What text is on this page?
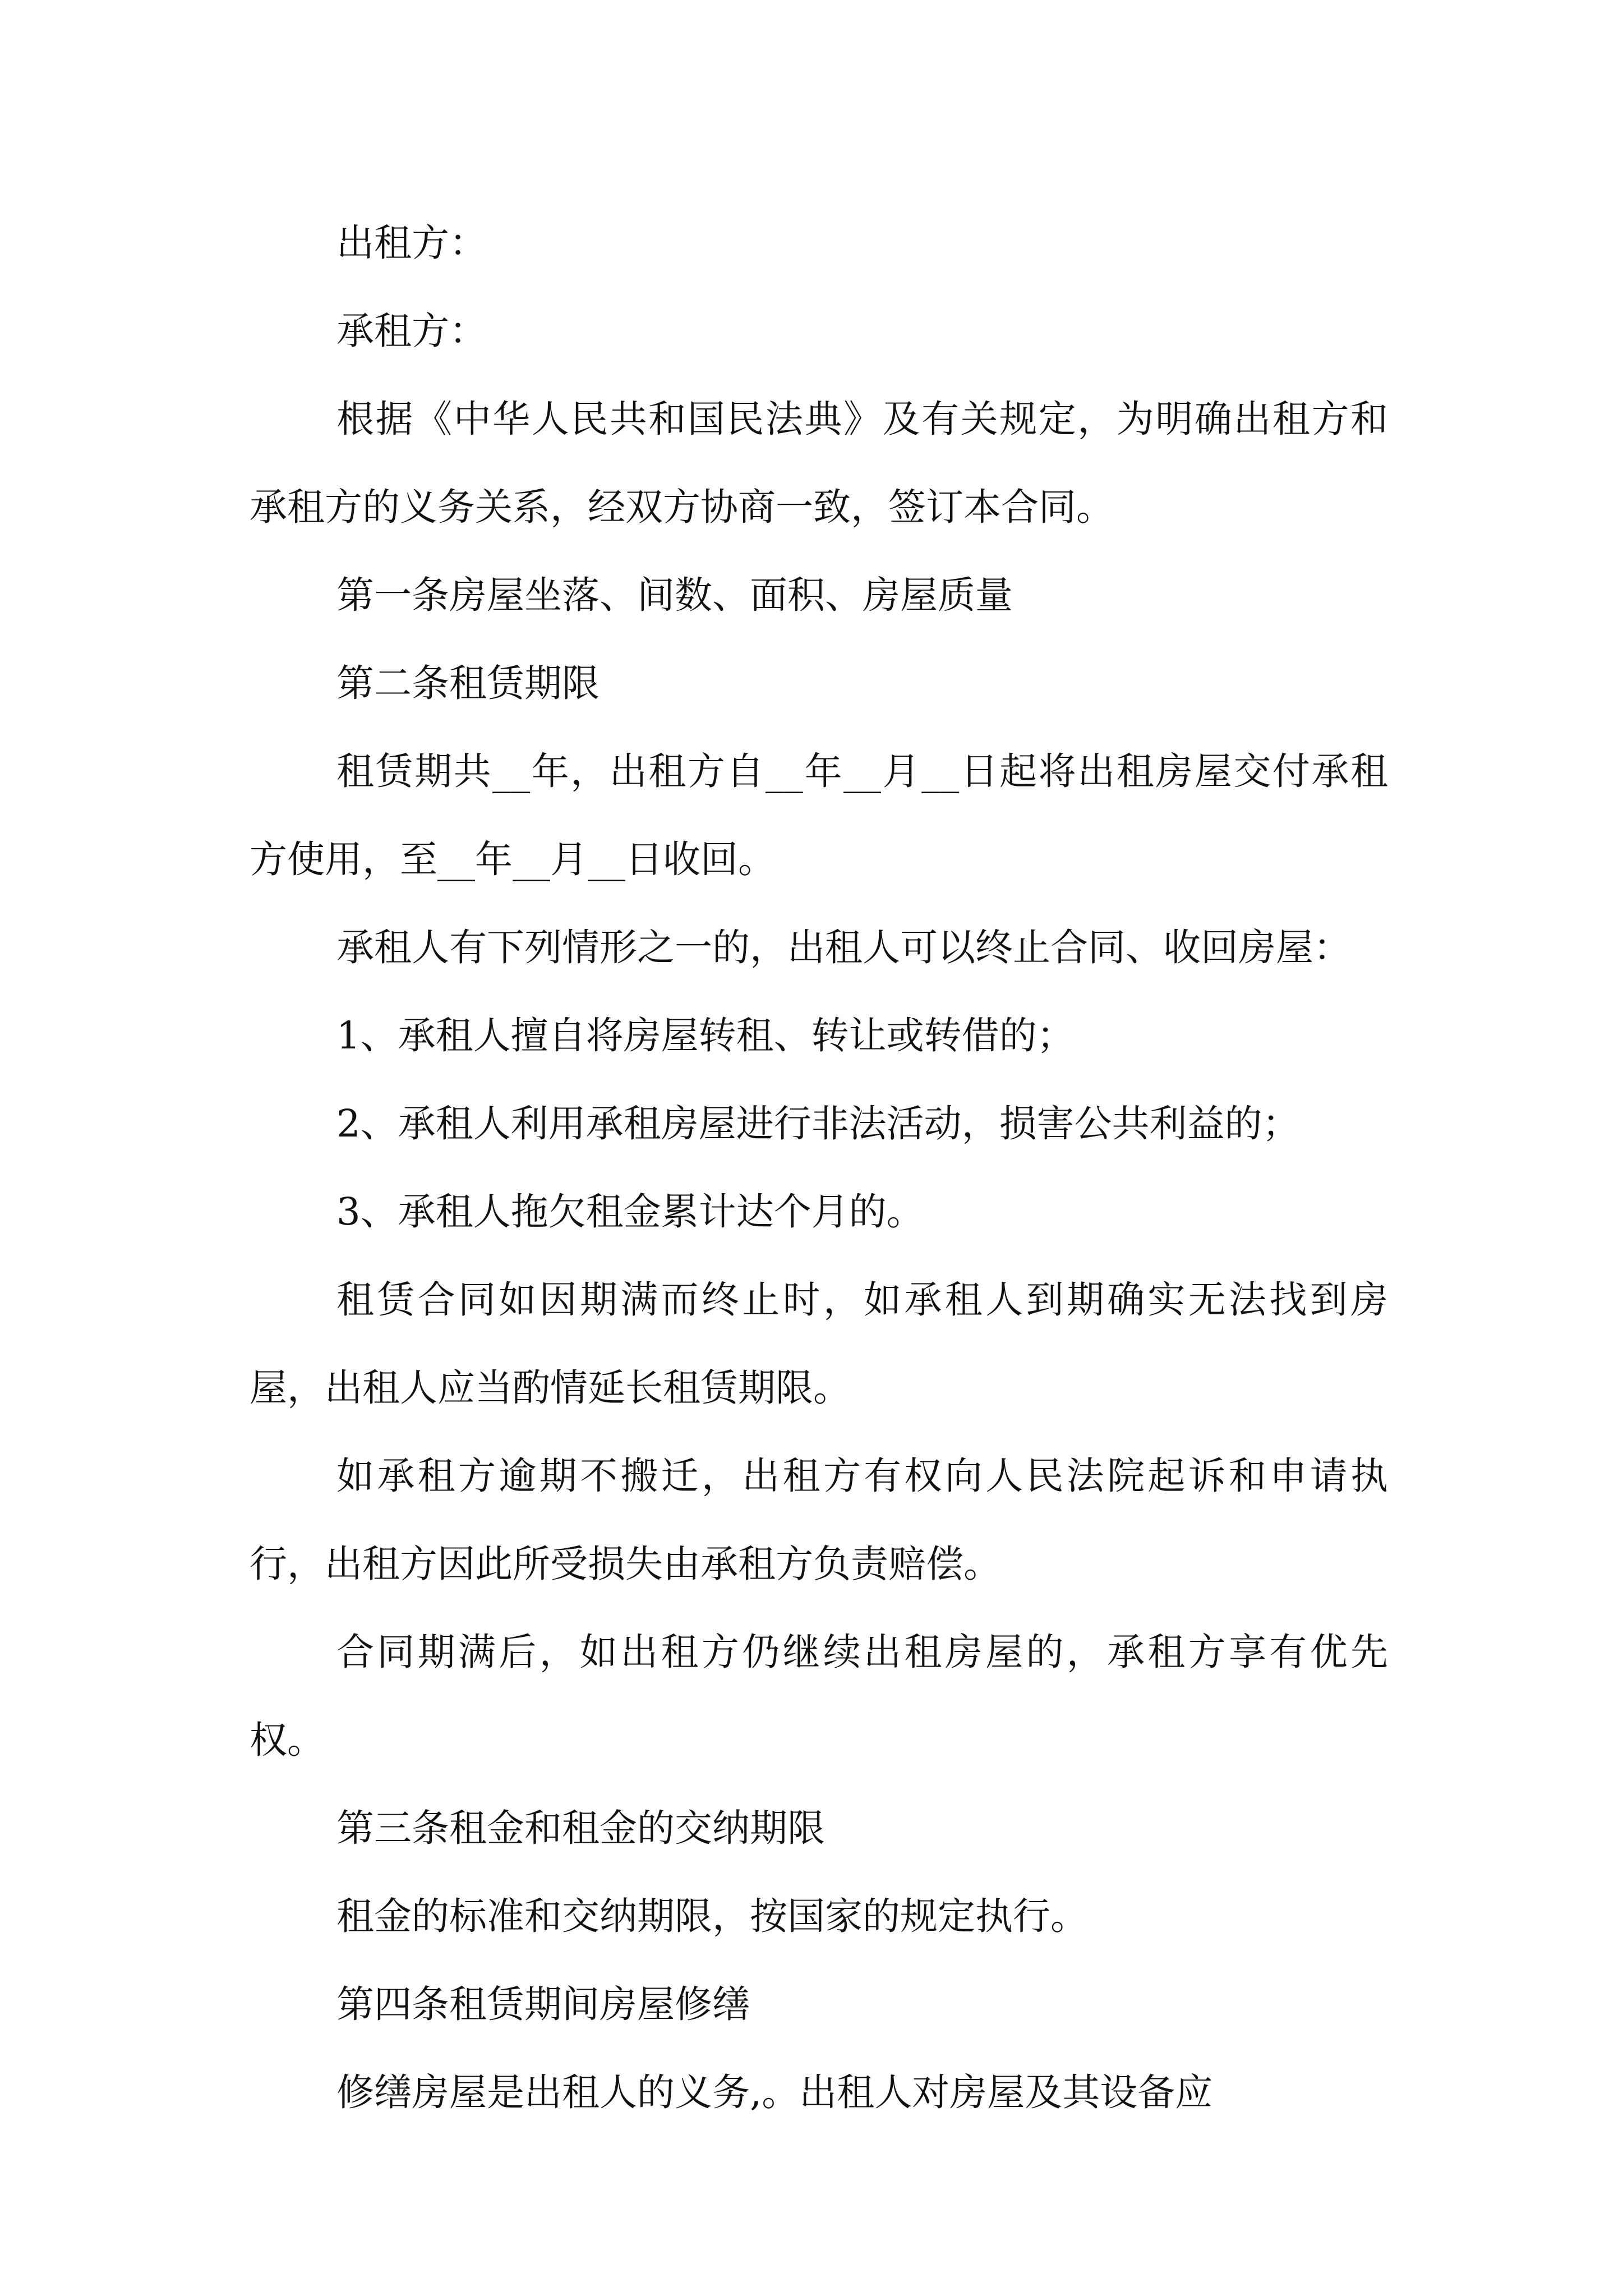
出租方：

承租方：

根据《中华人民共和国民法典》及有关规定，为明确出租方和承租方的义务关系，经双方协商一致，签订本合同。

第一条房屋坐落、间数、面积、房屋质量

第二条租赁期限

租赁期共__年，出租方自__年__月__日起将出租房屋交付承租方使用，至__年__月__日收回。

承租人有下列情形之一的，出租人可以终止合同、收回房屋：

1、承租人擅自将房屋转租、转让或转借的；

2、承租人利用承租房屋进行非法活动，损害公共利益的；

3、承租人拖欠租金累计达个月的。

租赁合同如因期满而终止时，如承租人到期确实无法找到房屋，出租人应当酌情延长租赁期限。

如承租方逾期不搬迁，出租方有权向人民法院起诉和申请执行，出租方因此所受损失由承租方负责赔偿。

合同期满后，如出租方仍继续出租房屋的，承租方享有优先权。

第三条租金和租金的交纳期限

租金的标准和交纳期限，按国家的规定执行。

第四条租赁期间房屋修缮

修缮房屋是出租人的义务,。出租人对房屋及其设备应
